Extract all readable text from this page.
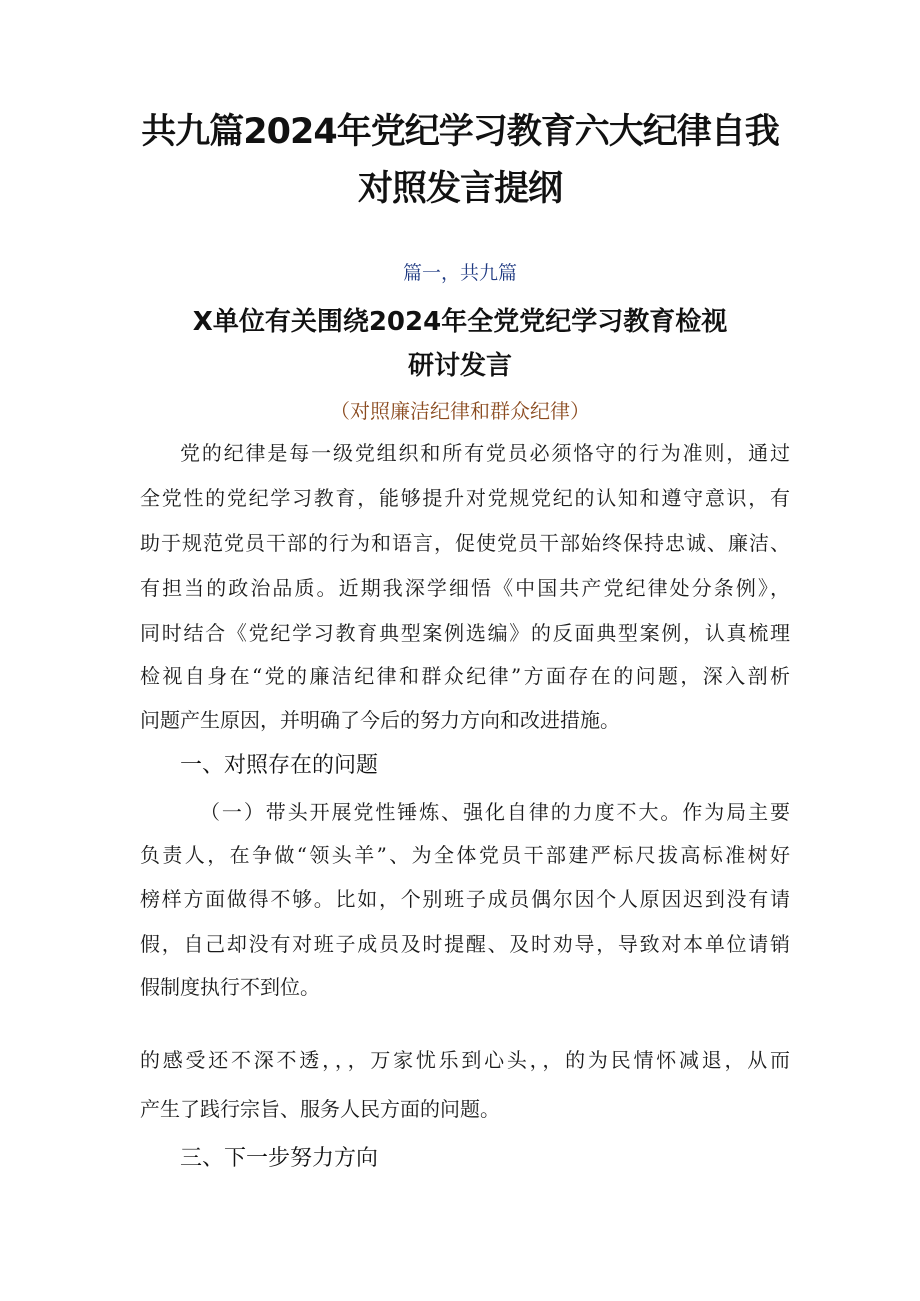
共九篇2024年党纪学习教育六大纪律自我
对照发言提纲
篇一，共九篇
X单位有关围绕2024年全党党纪学习教育检视
研讨发言
（对照廉洁纪律和群众纪律）
党的纪律是每一级党组织和所有党员必须恪守的行为准则，通过
全党性的党纪学习教育，能够提升对党规党纪的认知和遵守意识，有
助于规范党员干部的行为和语言，促使党员干部始终保持忠诚、廉洁、
有担当的政治品质。近期我深学细悟《中国共产党纪律处分条例》，
同时结合《党纪学习教育典型案例选编》的反面典型案例，认真梳理
检视自身在“党的廉洁纪律和群众纪律”方面存在的问题，深入剖析
问题产生原因，并明确了今后的努力方向和改进措施。
一、对照存在的问题
（一）带头开展党性锤炼、强化自律的力度不大。作为局主要
负责人，在争做“领头羊”、为全体党员干部建严标尺拔高标准树好
榜样方面做得不够。比如，个别班子成员偶尔因个人原因迟到没有请
假，自己却没有对班子成员及时提醒、及时劝导，导致对本单位请销
假制度执行不到位。
的感受还不深不透，，，万家忧乐到心头，，的为民情怀减退，从而
产生了践行宗旨、服务人民方面的问题。
三、下一步努力方向
